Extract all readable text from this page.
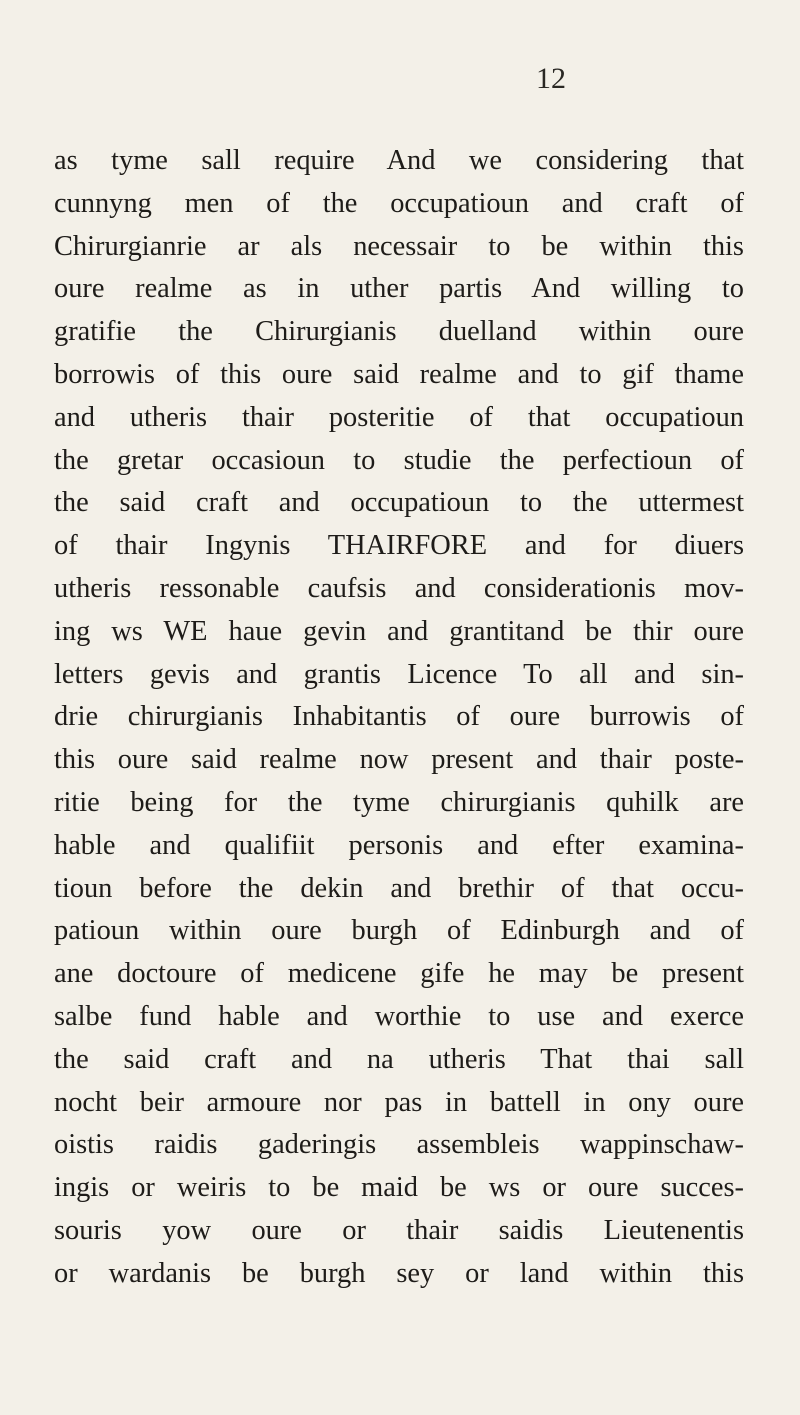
12
as tyme sall require And we considering that
cunnyng men of the occupatioun and craft of
Chirurgianrie ar als necessair to be within this
oure realme as in uther partis And willing to
gratifie the Chirurgianis duelland within oure
borrowis of this oure said realme and to gif thame
and utheris thair posteritie of that occupatioun
the gretar occasioun to studie the perfectioun of
the said craft and occupatioun to the uttermest
of thair Ingynis THAIRFORE and for diuers
utheris ressonable caufsis and considerationis mov-
ing ws WE haue gevin and grantitand be thir oure
letters gevis and grantis Licence To all and sin-
drie chirurgianis Inhabitantis of oure burrowis of
this oure said realme now present and thair poste-
ritie being for the tyme chirurgianis quhilk are
hable and qualifiit personis and efter examina-
tioun before the dekin and brethir of that occu-
patioun within oure burgh of Edinburgh and of
ane doctoure of medicene gife he may be present
salbe fund hable and worthie to use and exerce
the said craft and na utheris That thai sall
nocht beir armoure nor pas in battell in ony oure
oistis raidis gaderingis assembleis wappinschaw-
ingis or weiris to be maid be ws or oure succes-
souris yow oure or thair saidis Lieutenentis
or wardanis be burgh sey or land within this
